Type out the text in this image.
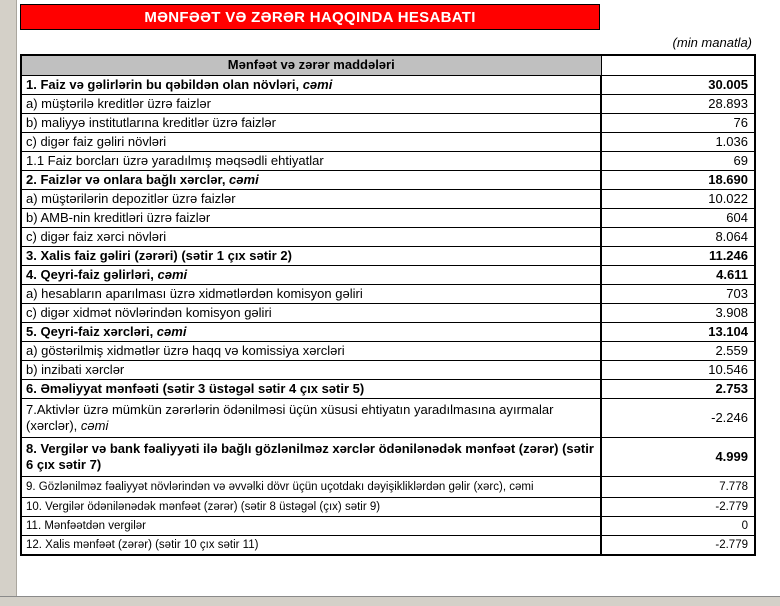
MƏNFƏƏT VƏ ZƏRƏR HAQQINDA HESABATI
(min manatla)
Mənfəət və zərər maddələri	
1. Faiz və gəlirlərin bu qəbildən olan növləri, cəmi	30.005
a) müştərilə kreditlər üzrə faizlər	28.893
b) maliyyə institutlarına kreditlər üzrə faizlər	76
c) digər faiz gəliri növləri	1.036
1.1 Faiz borcları üzrə yaradılmış məqsədli ehtiyatlar	69
2. Faizlər və onlara bağlı xərclər, cəmi	18.690
a) müştərilərin depozitlər üzrə faizlər	10.022
b) AMB-nin kreditləri üzrə faizlər	604
c) digər faiz xərci növləri	8.064
3. Xalis faiz gəliri (zərəri) (sətir 1 çıx sətir 2)	11.246
4. Qeyri-faiz gəlirləri, cəmi	4.611
a) hesabların aparılması üzrə xidmətlərdən komisyon gəliri	703
c) digər xidmət növlərindən komisyon gəliri	3.908
5. Qeyri-faiz xərcləri, cəmi	13.104
a) göstərilmiş xidmətlər üzrə haqq və komissiya xərcləri	2.559
b) inzibati xərclər	10.546
6. Əməliyyat mənfəəti (sətir 3 üstəgəl sətir 4 çıx sətir 5)	2.753
7.Aktivlər üzrə mümkün zərərlərin ödənilməsi üçün xüsusi ehtiyatın yaradılmasına ayırmalar (xərclər), cəmi	-2.246
8. Vergilər və bank fəaliyyəti ilə bağlı gözlənilməz xərclər ödənilənədək mənfəət (zərər) (sətir 6 çıx sətir 7)	4.999
9. Gözlənilməz fəaliyyət növlərindən və əvvəlki dövr üçün uçotdakı dəyişikliklərdən gəlir (xərc), cəmi	7.778
10. Vergilər ödənilənədək mənfəət (zərər) (sətir 8 üstəgəl (çıx) sətir 9)	-2.779
11. Mənfəətdən vergilər	0
12. Xalis mənfəət (zərər) (sətir 10 çıx sətir 11)	-2.779
